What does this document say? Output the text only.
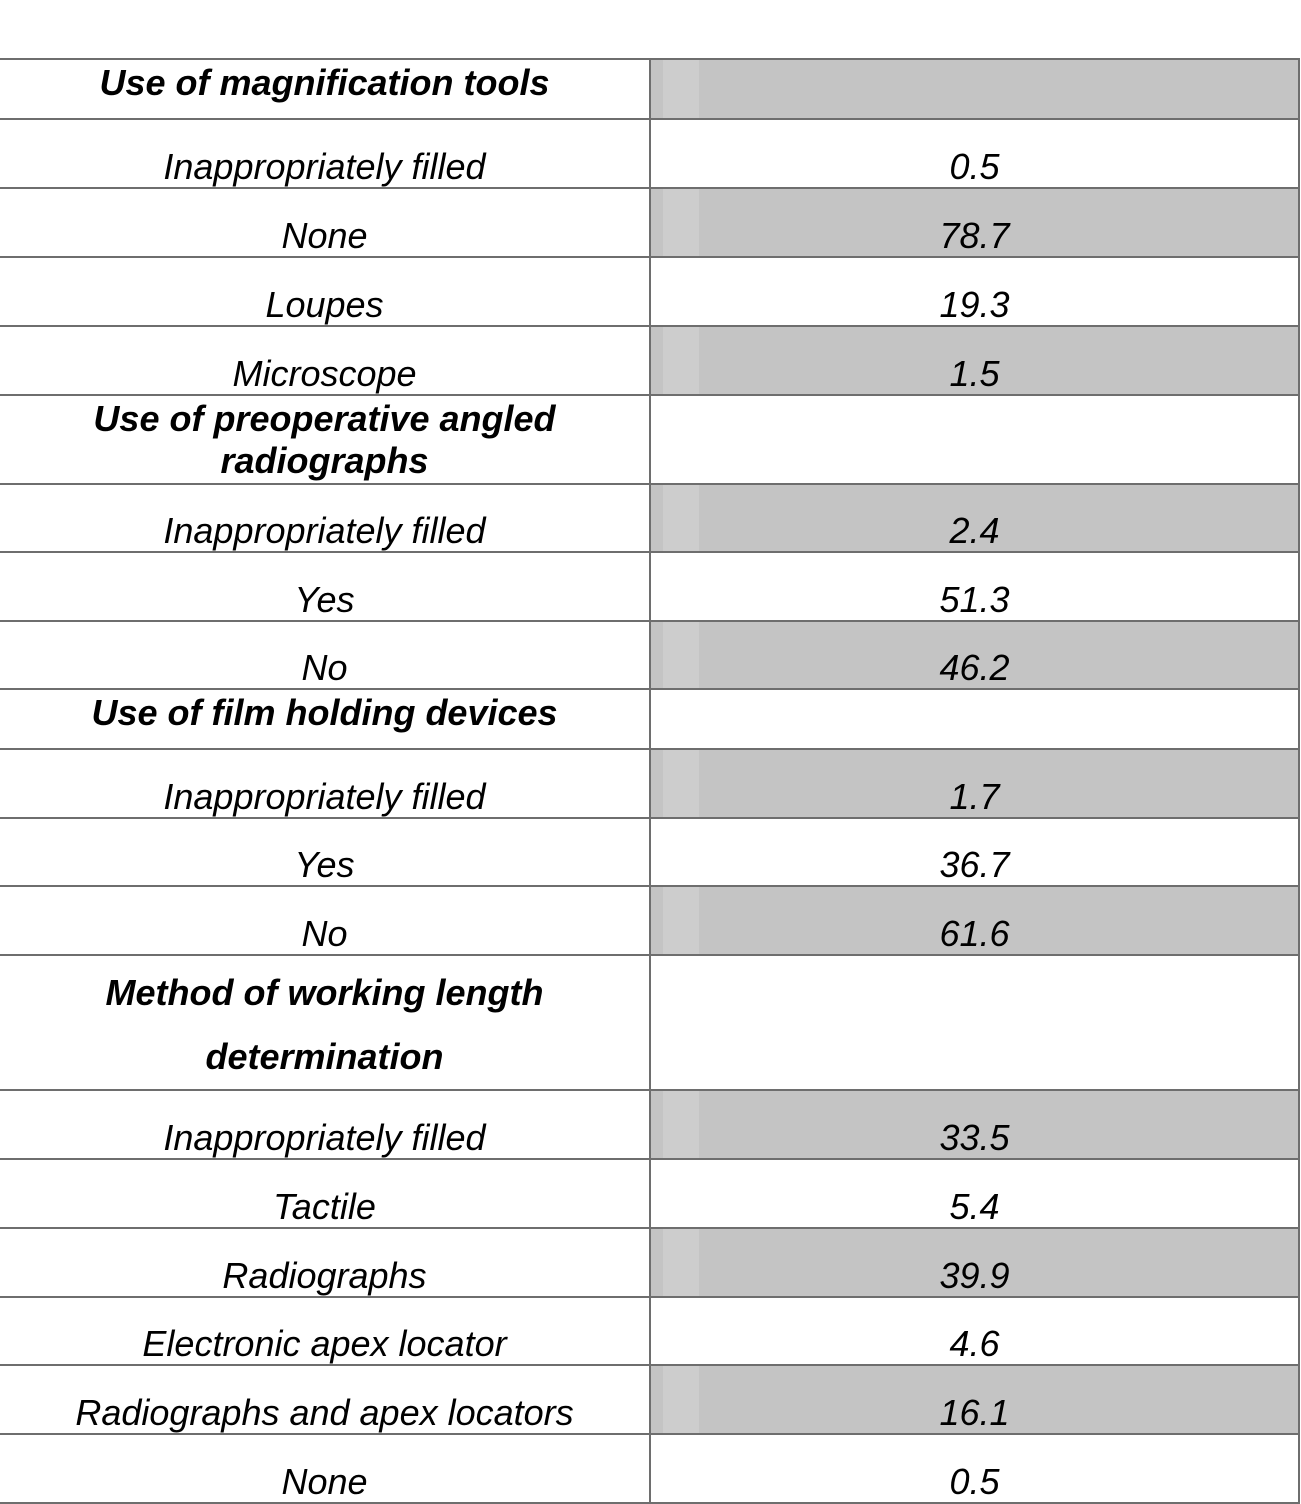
Use of magnification tools	
Inappropriately filled	0.5
None	78.7
Loupes	19.3
Microscope	1.5
Use of preoperative angled radiographs	
Inappropriately filled	2.4
Yes	51.3
No	46.2
Use of film holding devices	
Inappropriately filled	1.7
Yes	36.7
No	61.6
Method of working length determination	
Inappropriately filled	33.5
Tactile	5.4
Radiographs	39.9
Electronic apex locator	4.6
Radiographs and apex locators	16.1
None	0.5
